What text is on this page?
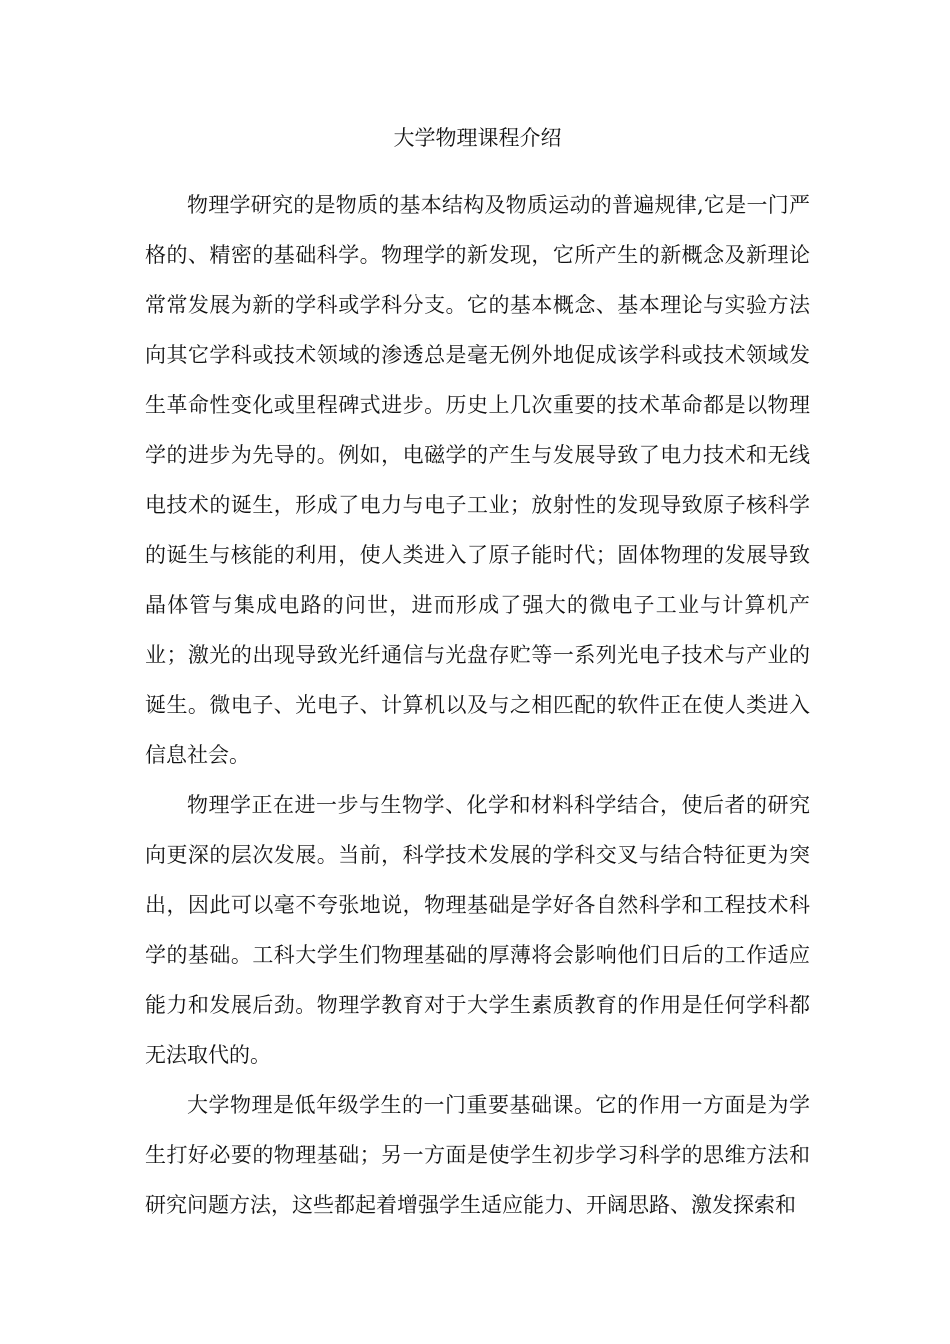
大学物理课程介绍

物理学研究的是物质的基本结构及物质运动的普遍规律,它是一门严格的、精密的基础科学。物理学的新发现，它所产生的新概念及新理论常常发展为新的学科或学科分支。它的基本概念、基本理论与实验方法向其它学科或技术领域的渗透总是毫无例外地促成该学科或技术领域发生革命性变化或里程碑式进步。历史上几次重要的技术革命都是以物理学的进步为先导的。例如，电磁学的产生与发展导致了电力技术和无线电技术的诞生，形成了电力与电子工业；放射性的发现导致原子核科学的诞生与核能的利用，使人类进入了原子能时代；固体物理的发展导致晶体管与集成电路的问世，进而形成了强大的微电子工业与计算机产业；激光的出现导致光纤通信与光盘存贮等一系列光电子技术与产业的诞生。微电子、光电子、计算机以及与之相匹配的软件正在使人类进入信息社会。

物理学正在进一步与生物学、化学和材料科学结合，使后者的研究向更深的层次发展。当前，科学技术发展的学科交叉与结合特征更为突出，因此可以毫不夸张地说，物理基础是学好各自然科学和工程技术科学的基础。工科大学生们物理基础的厚薄将会影响他们日后的工作适应能力和发展后劲。物理学教育对于大学生素质教育的作用是任何学科都无法取代的。

大学物理是低年级学生的一门重要基础课。它的作用一方面是为学生打好必要的物理基础；另一方面是使学生初步学习科学的思维方法和研究问题方法，这些都起着增强学生适应能力、开阔思路、激发探索和
